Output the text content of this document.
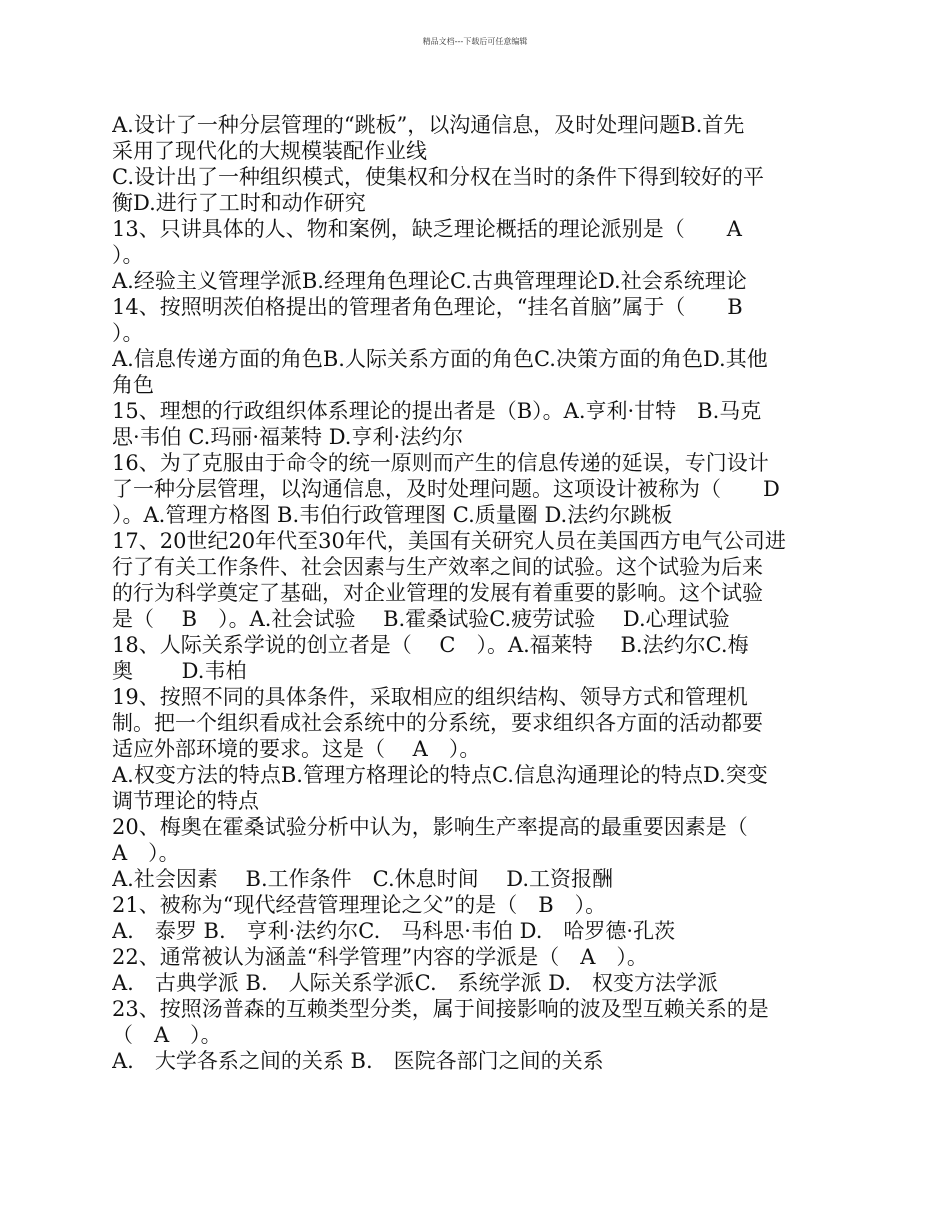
精品文档---下载后可任意编辑
A.设计了一种分层管理的“跳板”，以沟通信息，及时处理问题B.首先
采用了现代化的大规模装配作业线
C.设计出了一种组织模式，使集权和分权在当时的条件下得到较好的平
衡D.进行了工时和动作研究
13、只讲具体的人、物和案例，缺乏理论概括的理论派别是（　　A
）。
A.经验主义管理学派B.经理角色理论C.古典管理理论D.社会系统理论
14、按照明茨伯格提出的管理者角色理论，“挂名首脑”属于（　　B
）。
A.信息传递方面的角色B.人际关系方面的角色C.决策方面的角色D.其他
角色
15、理想的行政组织体系理论的提出者是（B）。A.亨利·甘特　B.马克
思·韦伯 C.玛丽·福莱特 D.亨利·法约尔
16、为了克服由于命令的统一原则而产生的信息传递的延误，专门设计
了一种分层管理，以沟通信息，及时处理问题。这项设计被称为（　　D
）。A.管理方格图 B.韦伯行政管理图 C.质量圈 D.法约尔跳板
17、20世纪20年代至30年代，美国有关研究人员在美国西方电气公司进
行了有关工作条件、社会因素与生产效率之间的试验。这个试验为后来
的行为科学奠定了基础，对企业管理的发展有着重要的影响。这个试验
是（　 B　）。A.社会试验　 B.霍桑试验C.疲劳试验　 D.心理试验
18、人际关系学说的创立者是（　 C　）。A.福莱特　 B.法约尔C.梅
奥　　 D.韦柏
19、按照不同的具体条件，采取相应的组织结构、领导方式和管理机
制。把一个组织看成社会系统中的分系统，要求组织各方面的活动都要
适应外部环境的要求。这是（　 A　）。
A.权变方法的特点B.管理方格理论的特点C.信息沟通理论的特点D.突变
调节理论的特点
20、梅奥在霍桑试验分析中认为，影响生产率提高的最重要因素是（
A　）。
A.社会因素　 B.工作条件　C.休息时间　 D.工资报酬
21、被称为“现代经营管理理论之父”的是（　B　）。
A.　泰罗 B.　亨利·法约尔C.　马科思·韦伯 D.　哈罗德·孔茨
22、通常被认为涵盖“科学管理”内容的学派是（　A　）。
A.　古典学派 B.　人际关系学派C.　系统学派 D.　权变方法学派
23、按照汤普森的互赖类型分类，属于间接影响的波及型互赖关系的是
（　A　）。
A.　大学各系之间的关系 B.　医院各部门之间的关系
